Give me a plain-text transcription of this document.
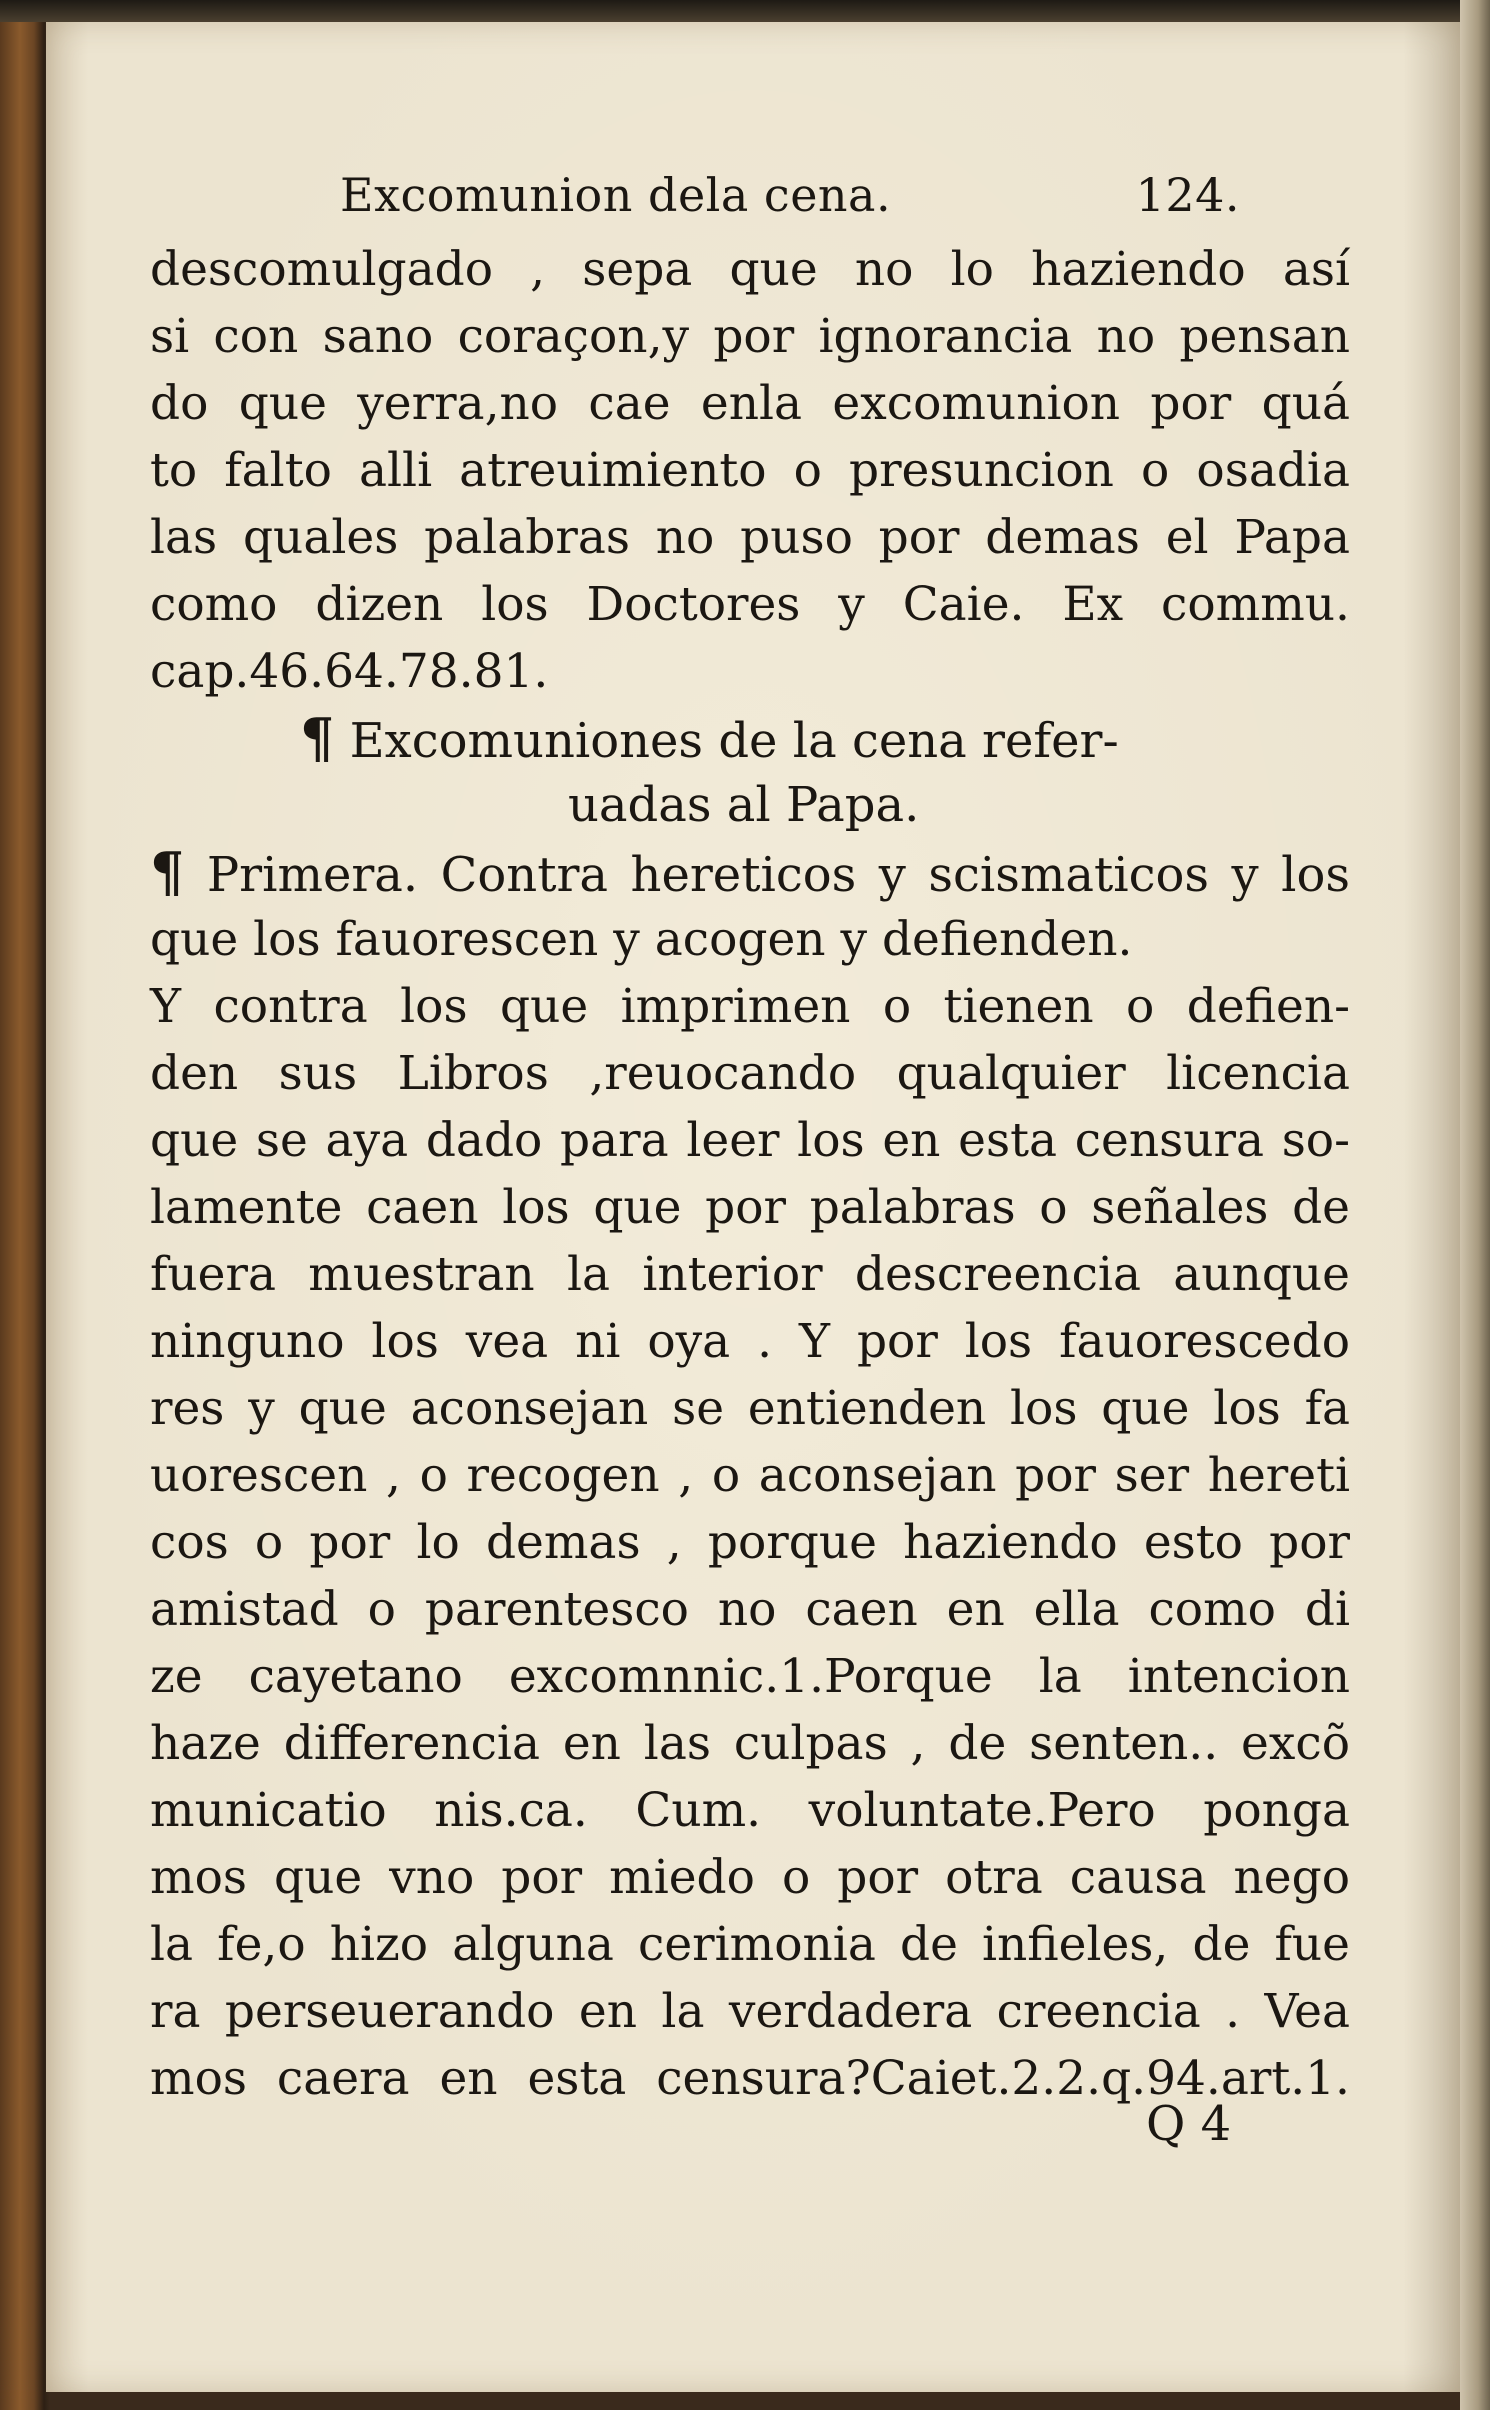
Excomunion dela cena.	124.
descomulgado , sepa que no lo haziendo así
si con sano coraçon,y por ignorancia no pensan
do que yerra,no cae enla excomunion por quá
to falto alli atreuimiento o presuncion o osadia
las quales palabras no puso por demas el Papa
como dizen los Doctores y Caie. Ex commu.
cap.46.64.78.81.
¶ Excomuniones de la cena refer-
uadas al Papa.
¶ Primera. Contra hereticos y scismaticos y los
que los fauorescen y acogen y defienden.
Y contra los que imprimen o tienen o defien-
den sus Libros ,reuocando qualquier licencia
que se aya dado para leer los en esta censura so-
lamente caen los que por palabras o señales de
fuera muestran la interior descreencia aunque
ninguno los vea ni oya . Y por los fauorescedo
res y que aconsejan se entienden los que los fa
uorescen , o recogen , o aconsejan por ser hereti
cos o por lo demas , porque haziendo esto por
amistad o parentesco no caen en ella como di
ze cayetano excomnnic.1.Porque la intencion
haze differencia en las culpas , de senten.. excõ
municatio nis.ca. Cum. voluntate.Pero ponga
mos que vno por miedo o por otra causa nego
la fe,o hizo alguna cerimonia de infieles, de fue
ra perseuerando en la verdadera creencia . Vea
mos caera en esta censura?Caiet.2.2.q.94.art.1.
Q 4
